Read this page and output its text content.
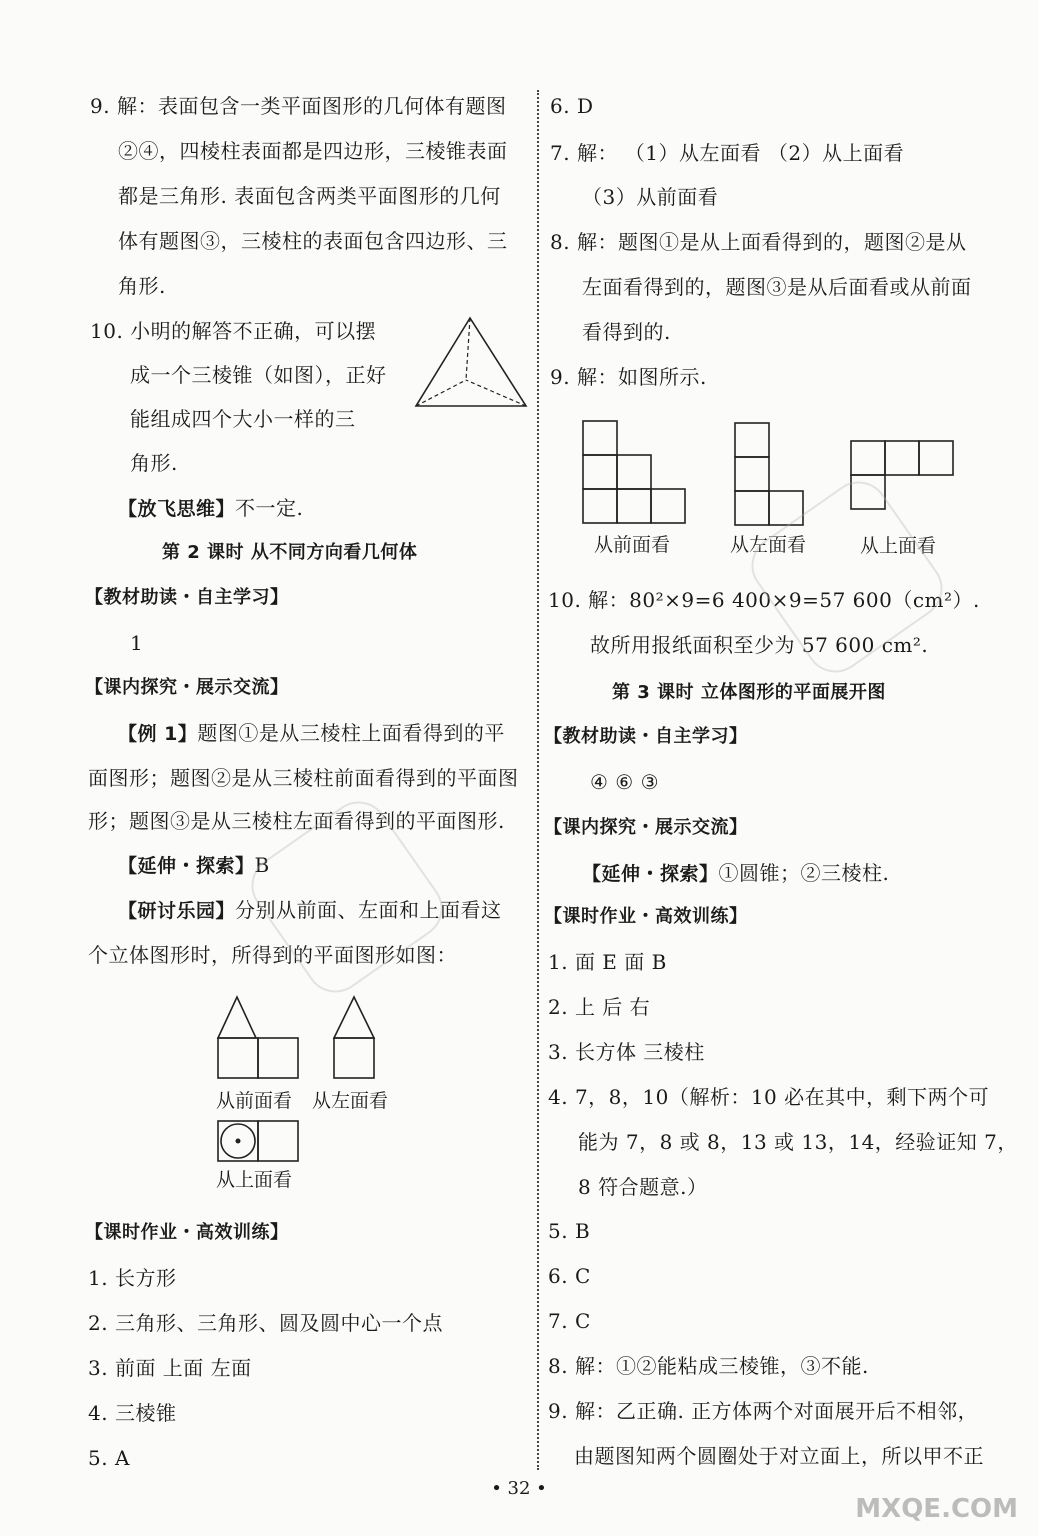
9. 解：表面包含一类平面图形的几何体有题图
②④，四棱柱表面都是四边形，三棱锥表面
都是三角形. 表面包含两类平面图形的几何
体有题图③，三棱柱的表面包含四边形、三
角形.
10. 小明的解答不正确，可以摆
成一个三棱锥（如图），正好
能组成四个大小一样的三
角形.
【放飞思维】不一定.
第 2 课时 从不同方向看几何体
【教材助读・自主学习】
1
【课内探究・展示交流】
【例 1】题图①是从三棱柱上面看得到的平
面图形；题图②是从三棱柱前面看得到的平面图
形；题图③是从三棱柱左面看得到的平面图形.
【延伸・探索】B
【研讨乐园】分别从前面、左面和上面看这
个立体图形时，所得到的平面图形如图：
从前面看 从左面看
从上面看
【课时作业・高效训练】
1. 长方形
2. 三角形、三角形、圆及圆中心一个点
3. 前面 上面 左面
4. 三棱锥
5. A
6. D
7. 解： （1）从左面看 （2）从上面看
（3）从前面看
8. 解：题图①是从上面看得到的，题图②是从
左面看得到的，题图③是从后面看或从前面
看得到的.
9. 解：如图所示.
从前面看	从左面看	从上面看
10. 解：80²×9=6 400×9=57 600（cm²）.
故所用报纸面积至少为 57 600 cm².
第 3 课时 立体图形的平面展开图
【教材助读・自主学习】
④ ⑥ ③
【课内探究・展示交流】
【延伸・探索】①圆锥；②三棱柱.
【课时作业・高效训练】
1. 面 E 面 B
2. 上 后 右
3. 长方体 三棱柱
4. 7，8，10（解析：10 必在其中，剩下两个可
能为 7，8 或 8，13 或 13，14，经验证知 7，
8 符合题意.）
5. B
6. C
7. C
8. 解：①②能粘成三棱锥，③不能.
9. 解：乙正确. 正方体两个对面展开后不相邻，
由题图知两个圆圈处于对立面上，所以甲不正
• 32 •
MXQE.COM
